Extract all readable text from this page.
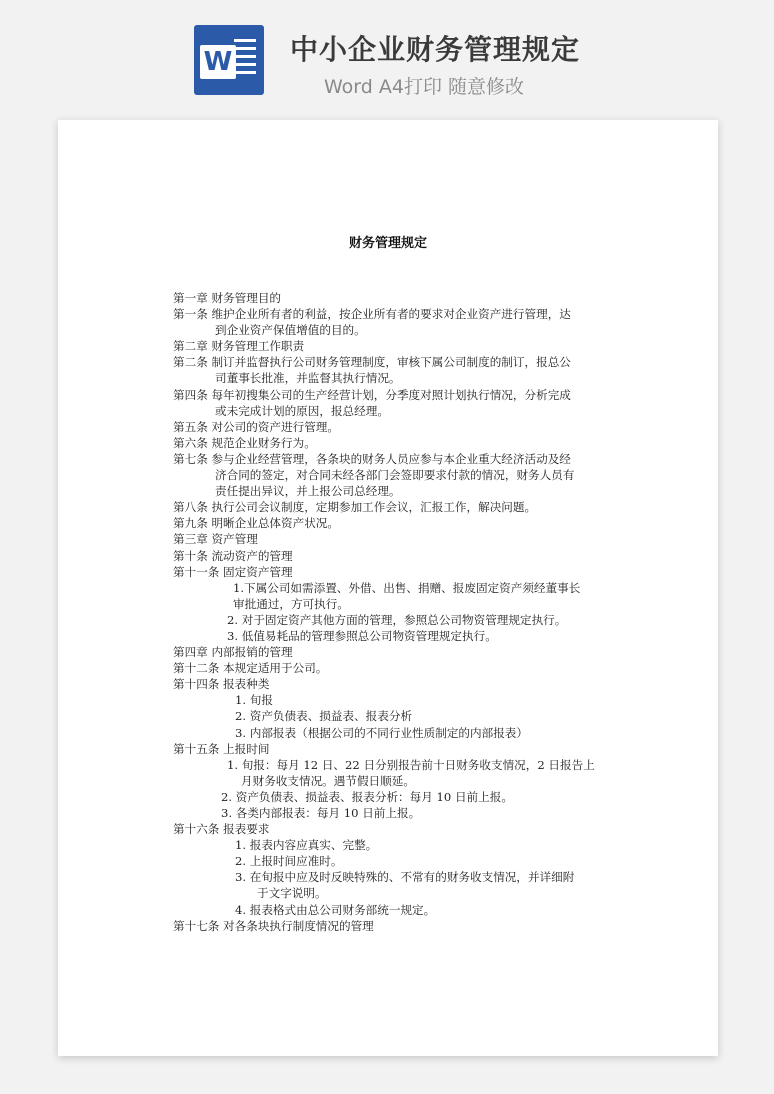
W 中小企业财务管理规定
Word A4打印 随意修改
财务管理规定
第一章 财务管理目的
第一条 维护企业所有者的利益，按企业所有者的要求对企业资产进行管理，达
到企业资产保值增值的目的。
第二章 财务管理工作职责
第二条 制订并监督执行公司财务管理制度，审核下属公司制度的制订，报总公
司董事长批准，并监督其执行情况。
第四条 每年初搜集公司的生产经营计划，分季度对照计划执行情况，分析完成
或未完成计划的原因，报总经理。
第五条 对公司的资产进行管理。
第六条 规范企业财务行为。
第七条 参与企业经营管理，各条块的财务人员应参与本企业重大经济活动及经
济合同的签定，对合同未经各部门会签即要求付款的情况，财务人员有
责任提出异议，并上报公司总经理。
第八条 执行公司会议制度，定期参加工作会议，汇报工作，解决问题。
第九条 明晰企业总体资产状况。
第三章 资产管理
第十条 流动资产的管理
第十一条 固定资产管理
1.下属公司如需添置、外借、出售、捐赠、报废固定资产须经董事长
审批通过，方可执行。
2. 对于固定资产其他方面的管理，参照总公司物资管理规定执行。
3. 低值易耗品的管理参照总公司物资管理规定执行。
第四章 内部报销的管理
第十二条 本规定适用于公司。
第十四条 报表种类
1. 旬报
2. 资产负债表、损益表、报表分析
3. 内部报表（根据公司的不同行业性质制定的内部报表）
第十五条 上报时间
1. 旬报：每月 12 日、22 日分别报告前十日财务收支情况，2 日报告上
月财务收支情况。遇节假日顺延。
2. 资产负债表、损益表、报表分析：每月 10 日前上报。
3. 各类内部报表：每月 10 日前上报。
第十六条 报表要求
1. 报表内容应真实、完整。
2. 上报时间应准时。
3. 在旬报中应及时反映特殊的、不常有的财务收支情况，并详细附
于文字说明。
4. 报表格式由总公司财务部统一规定。
第十七条 对各条块执行制度情况的管理
